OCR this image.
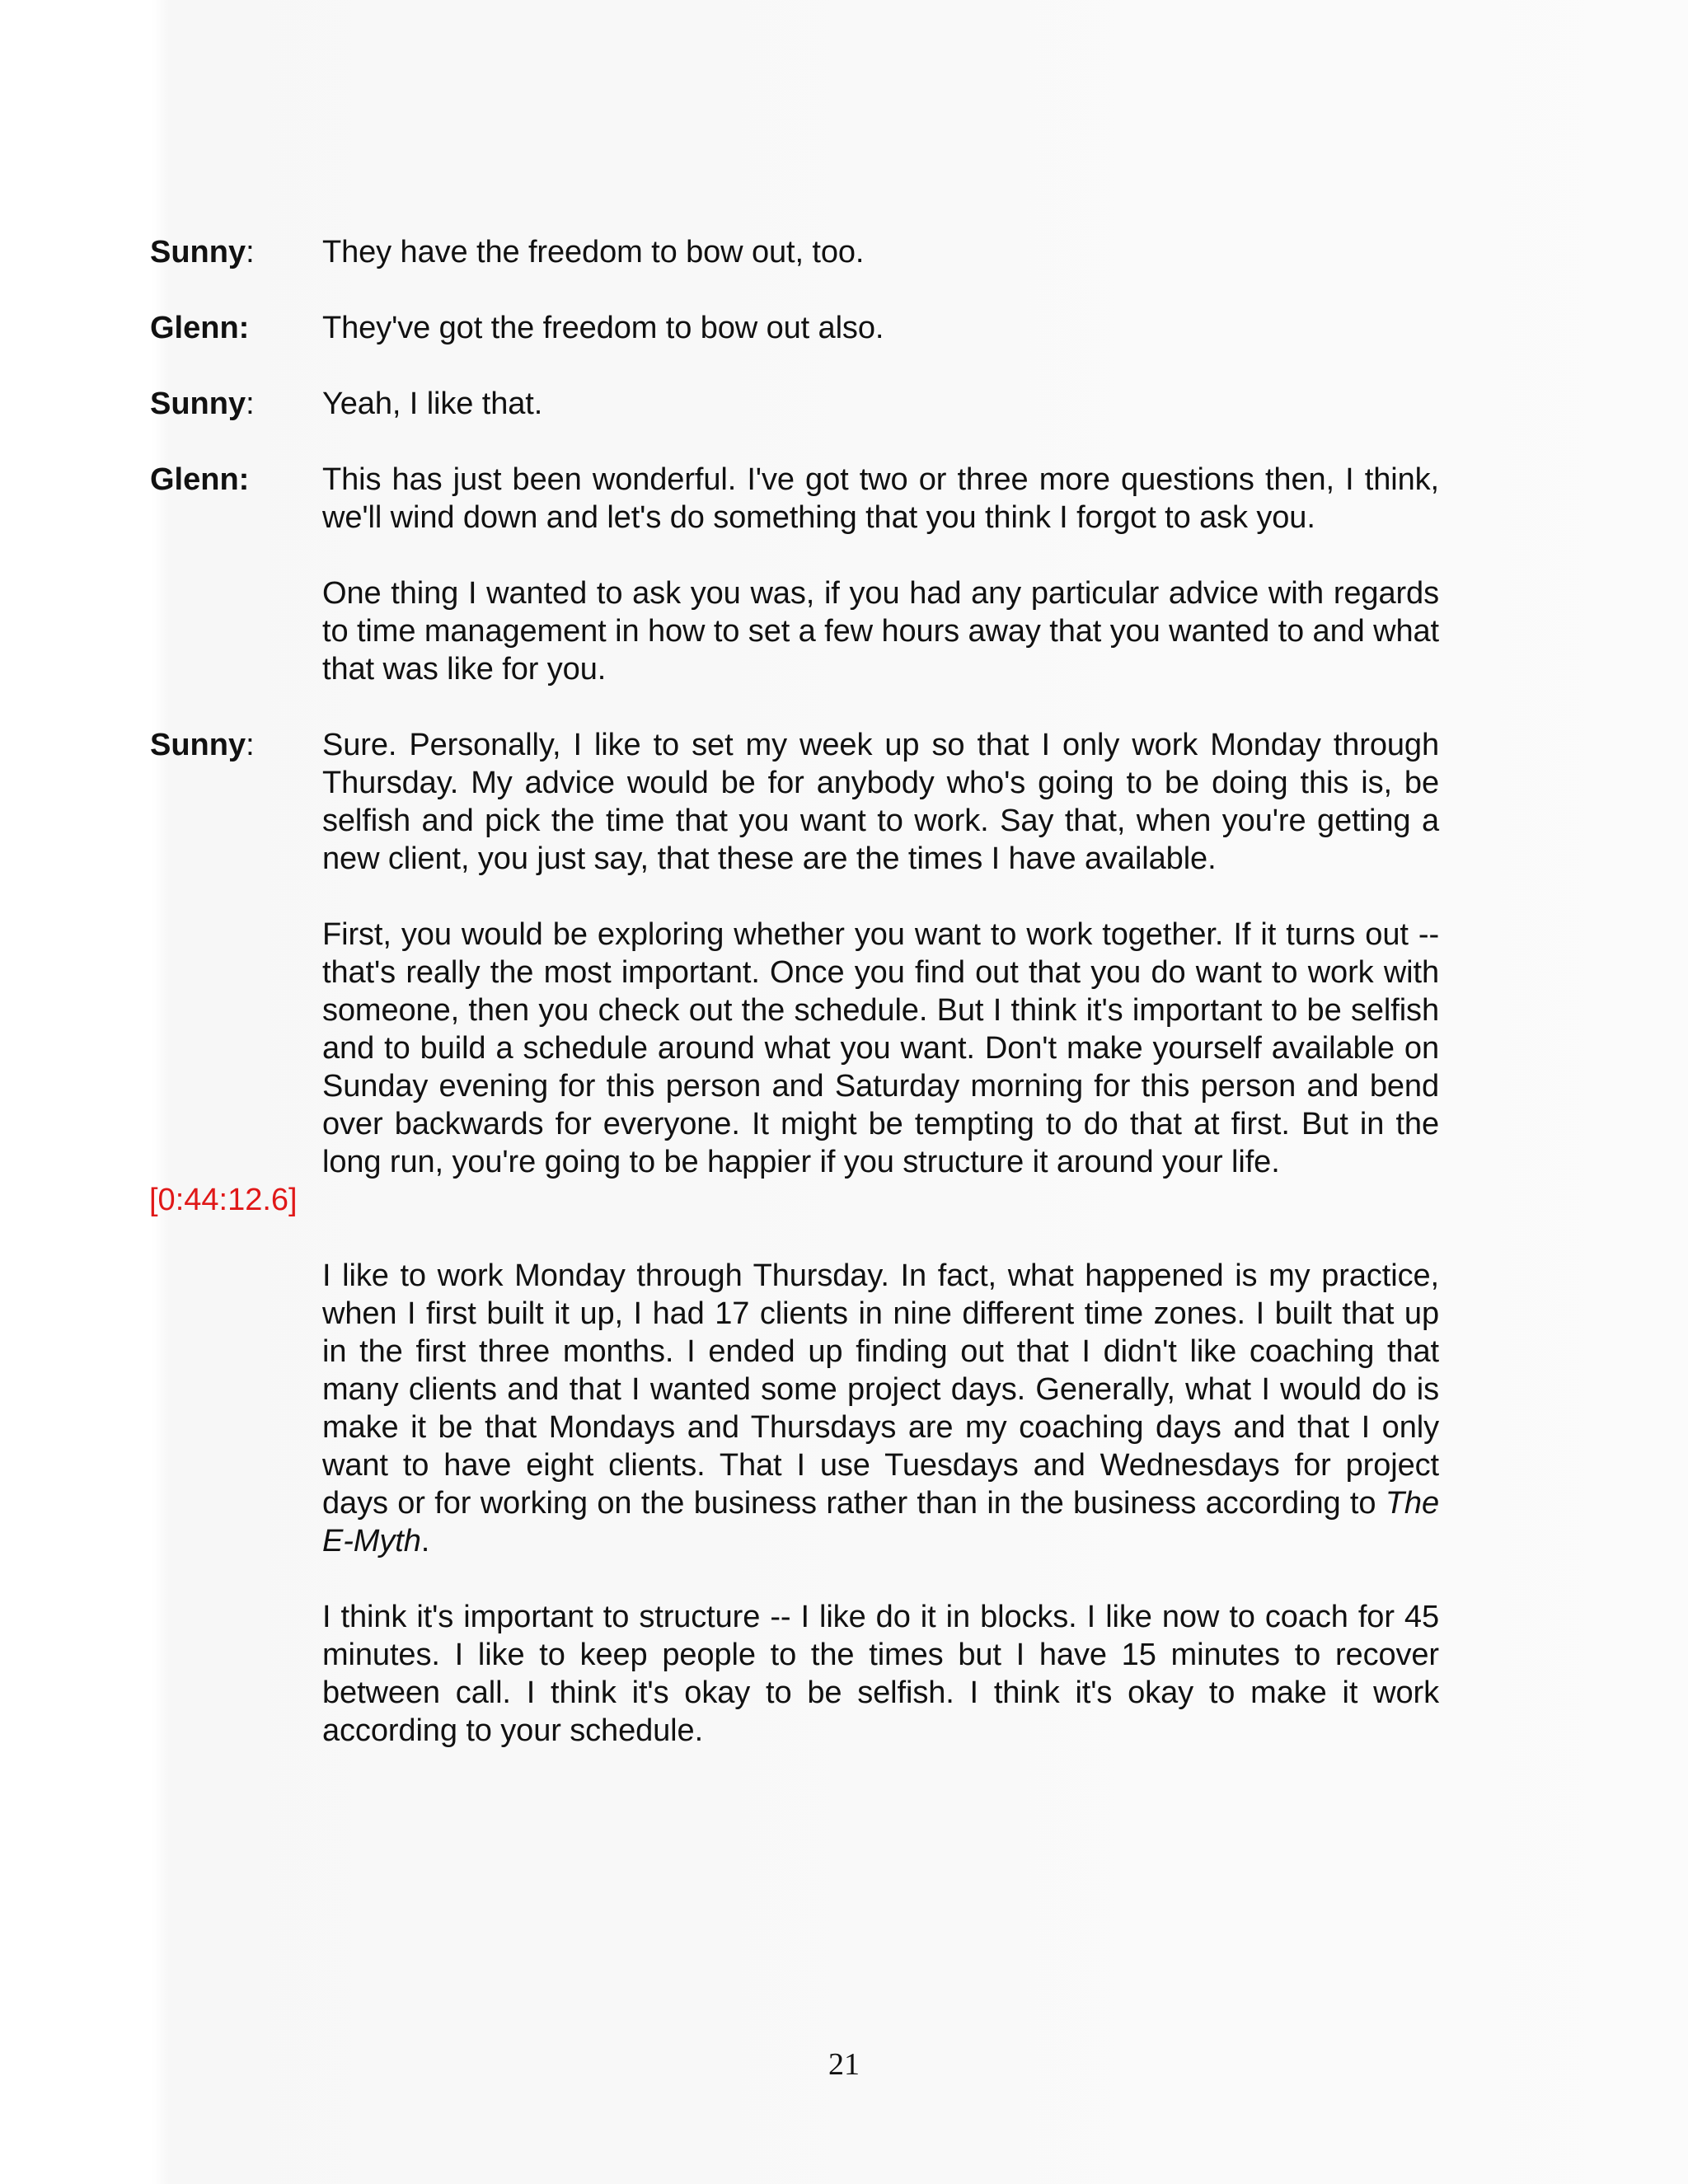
Sunny: They have the freedom to bow out, too.

Glenn: They've got the freedom to bow out also.

Sunny: Yeah, I like that.

Glenn: This has just been wonderful. I've got two or three more questions then, I think, we'll wind down and let's do something that you think I forgot to ask you.

One thing I wanted to ask you was, if you had any particular advice with regards to time management in how to set a few hours away that you wanted to and what that was like for you.

Sunny: Sure. Personally, I like to set my week up so that I only work Monday through Thursday. My advice would be for anybody who's going to be doing this is, be selfish and pick the time that you want to work. Say that, when you're getting a new client, you just say, that these are the times I have available.

First, you would be exploring whether you want to work together. If it turns out -- that's really the most important. Once you find out that you do want to work with someone, then you check out the schedule. But I think it's important to be selfish and to build a schedule around what you want. Don't make yourself available on Sunday evening for this person and Saturday morning for this person and bend over backwards for everyone. It might be tempting to do that at first. But in the long run, you're going to be happier if you structure it around your life.

[0:44:12.6]

I like to work Monday through Thursday. In fact, what happened is my practice, when I first built it up, I had 17 clients in nine different time zones. I built that up in the first three months. I ended up finding out that I didn't like coaching that many clients and that I wanted some project days. Generally, what I would do is make it be that Mondays and Thursdays are my coaching days and that I only want to have eight clients. That I use Tuesdays and Wednesdays for project days or for working on the business rather than in the business according to The E-Myth.

I think it's important to structure -- I like do it in blocks. I like now to coach for 45 minutes. I like to keep people to the times but I have 15 minutes to recover between call. I think it's okay to be selfish. I think it's okay to make it work according to your schedule.

21
